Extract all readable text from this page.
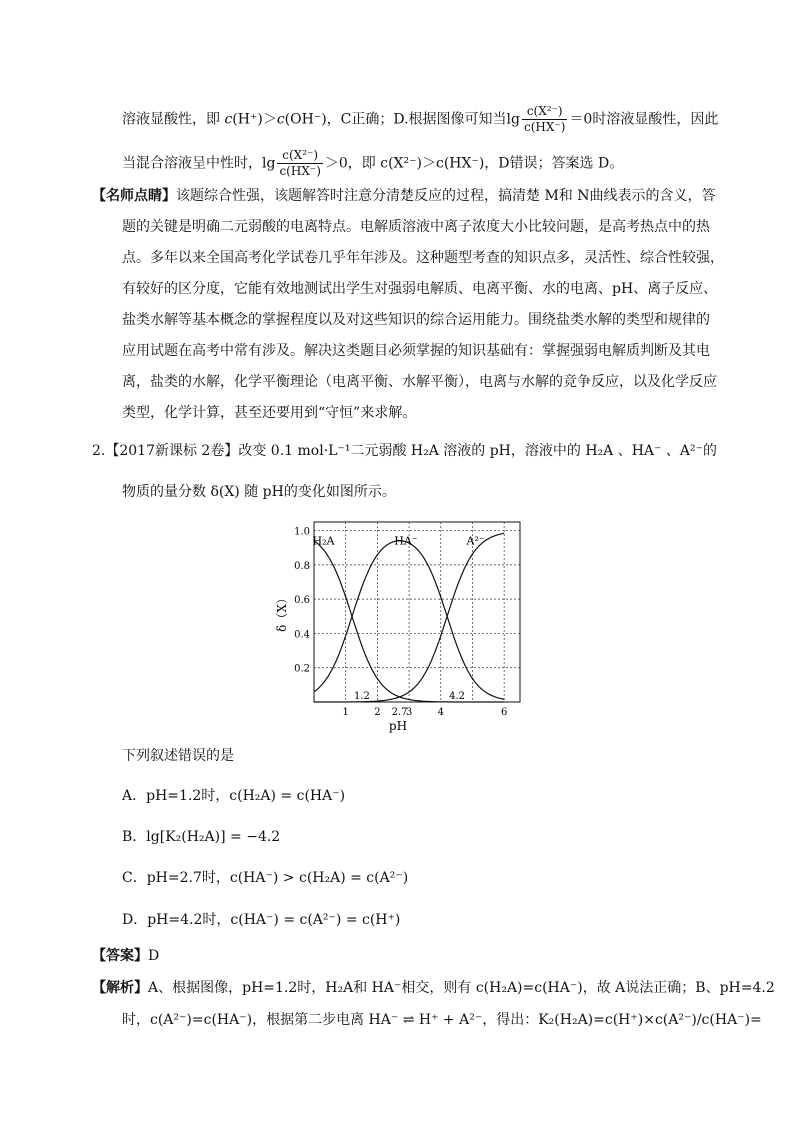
溶液显酸性，即 c(H⁺)＞c(OH⁻)，C正确；D.根据图像可知当$\lg \frac{\text{c(X²⁻)}}{c(HX^-)} =0$时溶液显酸性，因此
当混合溶液呈中性时，$\lg \frac{\text{c(X²⁻)}}{c(HX^-)} >0$，即 c(X²⁻)＞c(HX⁻)，D错误；答案选 D。
【名师点睛】该题综合性强，该题解答时注意分清楚反应的过程，搞清楚 M和 N曲线表示的含义，答
题的关键是明确二元弱酸的电离特点。电解质溶液中离子浓度大小比较问题，是高考热点中的热
点。多年以来全国高考化学试卷几乎年年涉及。这种题型考查的知识点多，灵活性、综合性较强，
有较好的区分度，它能有效地测试出学生对强弱电解质、电离平衡、水的电离、pH、离子反应、
盐类水解等基本概念的掌握程度以及对这些知识的综合运用能力。围绕盐类水解的类型和规律的
应用试题在高考中常有涉及。解决这类题目必须掌握的知识基础有：掌握强弱电解质判断及其电
离，盐类的水解，化学平衡理论（电离平衡、水解平衡），电离与水解的竞争反应，以及化学反应
类型，化学计算，甚至还要用到“守恒”来求解。
2.【2017新课标 2卷】改变 0.1 mol·L⁻¹二元弱酸 H₂A 溶液的 pH，溶液中的 H₂A 、HA⁻ 、A²⁻的
物质的量分数 δ(X) 随 pH的变化如图所示。
H₂A	HA⁻	A²⁻
1	2 2.7
3	4	6
0.2
0.4
0.6
0.8
1.0
1.2	4.2
δ（X）
pH
下列叙述错误的是
A．pH=1.2时，c(H₂A) = c(HA⁻)
B．lg[K₂(H₂A)] = −4.2
C．pH=2.7时，c(HA⁻) > c(H₂A) = c(A²⁻)
D．pH=4.2时，c(HA⁻) = c(A²⁻) = c(H⁺)
【答案】D
【解析】A、根据图像，pH=1.2时，H₂A和 HA⁻相交，则有 c(H₂A)=c(HA⁻)，故 A说法正确；B、pH=4.2
时，c(A²⁻)=c(HA⁻)，根据第二步电离 HA⁻ ⇌ H⁺ + A²⁻，得出：K₂(H₂A)=c(H⁺)×c(A²⁻)/c(HA⁻)=
